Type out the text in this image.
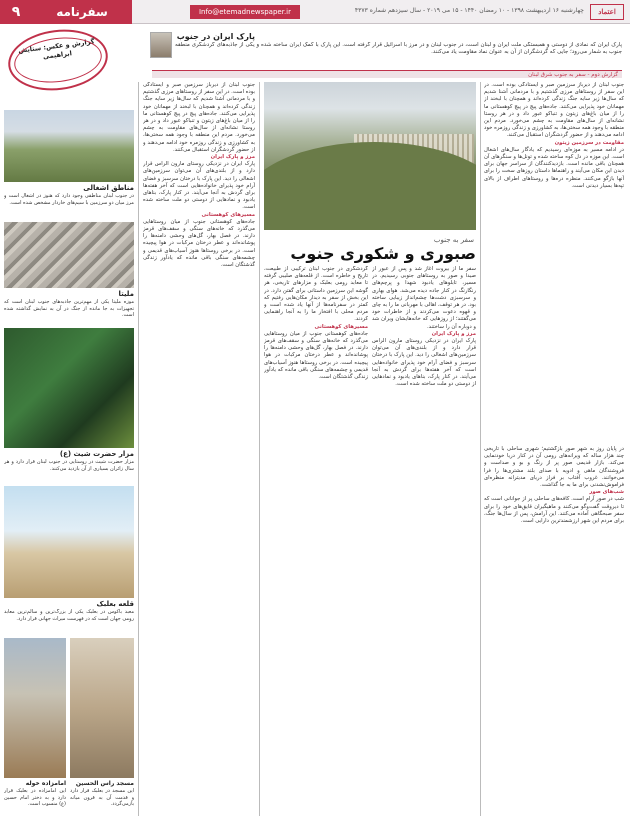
۹	سفرنامه	Info@etemadnewspaper.ir	چهارشنبه ۱۶ اردیبهشت ۱۳۹۸ - ۱۰ رمضان ۱۴۴۰ - ۱۵ می ۲۰۱۹ - سال سیزدهم شماره ۴۳۷۳	اعتماد
گزارش و عکس: ستایش ابراهیمی
پارک ایران در جنوب
پارک ایران که نمادی از دوستی و همبستگی ملت ایران و لبنان است، در جنوب لبنان و در مرز با اسرائیل قرار گرفته است. این پارک با کمک ایران ساخته شده و یکی از جاذبه‌های گردشگری منطقه جنوب به شمار می‌رود؛ جایی که گردشگران از آن به عنوان نماد مقاومت یاد می‌کنند.
گزارش دوم - سفر به جنوب شرق لبنان
سفر به جنوب
صبوری و شکوری جنوب
جنوب لبنان از دیرباز سرزمین صبر و ایستادگی بوده است. در این سفر از روستاهای مرزی گذشتیم و با مردمانی آشنا شدیم که سال‌ها زیر سایه جنگ زندگی کرده‌اند و همچنان با لبخند از مهمانان خود پذیرایی می‌کنند. جاده‌های پیچ در پیچ کوهستانی ما را از میان باغ‌های زیتون و تنباکو عبور داد و در هر روستا نشانه‌ای از سال‌های مقاومت به چشم می‌خورد. مردم این منطقه با وجود همه سختی‌ها، به کشاورزی و زندگی روزمره خود ادامه می‌دهند و از حضور گردشگران استقبال می‌کنند.
مقاومت در سرزمین زیتون
در ادامه مسیر به موزه‌ای رسیدیم که یادگار سال‌های اشغال است. این موزه در دل کوه ساخته شده و تونل‌ها و سنگرهای آن همچنان باقی مانده است. بازدیدکنندگان از سراسر جهان برای دیدن این مکان می‌آیند و راهنماها داستان روزهای سخت را برای آنها بازگو می‌کنند. منظره دره‌ها و روستاهای اطراف از بالای تپه‌ها بسیار دیدنی است.
در پایان روز به شهر صور بازگشتیم؛ شهری ساحلی با تاریخی چند هزار ساله که ویرانه‌های رومی آن در کنار دریا خودنمایی می‌کند. بازار قدیمی صور پر از رنگ و بو و صداست و فروشندگان ماهی و ادویه با صدای بلند مشتری‌ها را فرا می‌خوانند. غروب آفتاب بر فراز دریای مدیترانه منظره‌ای فراموش‌نشدنی برای ما به جا گذاشت.
شب‌های صور
شب در صور آرام است. کافه‌های ساحلی پر از جوانانی است که تا دیروقت گفت‌وگو می‌کنند و ماهیگیران قایق‌های خود را برای سفر صبحگاهی آماده می‌کنند. این آرامش، پس از سال‌ها جنگ، برای مردم این شهر ارزشمندترین دارایی است.
سفر ما از بیروت آغاز شد و پس از عبور از صیدا و صور به روستاهای جنوبی رسیدیم. در مسیر، تابلوهای یادبود شهدا و پرچم‌های رنگارنگ در کنار جاده دیده می‌شد. هوای بهاری و سرسبزی دشت‌ها چشم‌انداز زیبایی ساخته بود. در هر توقف، اهالی با مهربانی ما را به چای و قهوه دعوت می‌کردند و از خاطرات خود می‌گفتند؛ از روزهایی که خانه‌هایشان ویران شد و دوباره آن را ساختند.
مرز و پارک ایران
پارک ایران در نزدیکی روستای مارون الراس قرار دارد و از بلندی‌های آن می‌توان سرزمین‌های اشغالی را دید. این پارک با درختان سرسبز و فضای آرام خود پذیرای خانواده‌هایی است که آخر هفته‌ها برای گردش به آنجا می‌آیند. در کنار پارک، بناهای یادبود و نمادهایی از دوستی دو ملت ساخته شده است.
گردشگری در جنوب لبنان ترکیبی از طبیعت، تاریخ و خاطره است. از قلعه‌های صلیبی گرفته تا معابد رومی بعلبک و مزارهای تاریخی، هر گوشه این سرزمین داستانی برای گفتن دارد. در این بخش از سفر به دیدار مکان‌هایی رفتیم که کمتر در سفرنامه‌ها از آنها یاد شده است و مردم محلی با افتخار ما را به آنجا راهنمایی کردند.
مسیرهای کوهستانی
جاده‌های کوهستانی جنوب از میان روستاهایی می‌گذرد که خانه‌های سنگی و سقف‌های قرمز دارند. در فصل بهار، گل‌های وحشی دامنه‌ها را پوشانده‌اند و عطر درختان مرکبات در هوا پیچیده است. در برخی روستاها هنوز آسیاب‌های قدیمی و چشمه‌های سنگی باقی مانده که یادآور زندگی گذشتگان است.
جنوب لبنان از دیرباز سرزمین صبر و ایستادگی بوده است. در این سفر از روستاهای مرزی گذشتیم و با مردمانی آشنا شدیم که سال‌ها زیر سایه جنگ زندگی کرده‌اند و همچنان با لبخند از مهمانان خود پذیرایی می‌کنند. جاده‌های پیچ در پیچ کوهستانی ما را از میان باغ‌های زیتون و تنباکو عبور داد و در هر روستا نشانه‌ای از سال‌های مقاومت به چشم می‌خورد. مردم این منطقه با وجود همه سختی‌ها، به کشاورزی و زندگی روزمره خود ادامه می‌دهند و از حضور گردشگران استقبال می‌کنند.
مرز و پارک ایران
پارک ایران در نزدیکی روستای مارون الراس قرار دارد و از بلندی‌های آن می‌توان سرزمین‌های اشغالی را دید. این پارک با درختان سرسبز و فضای آرام خود پذیرای خانواده‌هایی است که آخر هفته‌ها برای گردش به آنجا می‌آیند. در کنار پارک، بناهای یادبود و نمادهایی از دوستی دو ملت ساخته شده است.
مسیرهای کوهستانی
جاده‌های کوهستانی جنوب از میان روستاهایی می‌گذرد که خانه‌های سنگی و سقف‌های قرمز دارند. در فصل بهار، گل‌های وحشی دامنه‌ها را پوشانده‌اند و عطر درختان مرکبات در هوا پیچیده است. در برخی روستاها هنوز آسیاب‌های قدیمی و چشمه‌های سنگی باقی مانده که یادآور زندگی گذشتگان است.
مناطق اشغالی
در جنوب لبنان مناطقی وجود دارد که هنوز در اشغال است و مرز میان دو سرزمین با سیم‌های خاردار مشخص شده است.
ملیتا
موزه ملیتا یکی از مهم‌ترین جاذبه‌های جنوب لبنان است که تجهیزات به جا مانده از جنگ در آن به نمایش گذاشته شده است.
مزار حضرت شیث (ع)
مزار حضرت شیث در روستایی در جنوب لبنان قرار دارد و هر سال زائران بسیاری از آن بازدید می‌کنند.
قلعه بعلبک
معبد باکوس در بعلبک یکی از بزرگ‌ترین و سالم‌ترین معابد رومی جهان است که در فهرست میراث جهانی قرار دارد.
امامزاده خوله
این امامزاده در بعلبک قرار دارد و به دختر امام حسین (ع) منسوب است.
مسجد راس الحسین
این مسجد در بعلبک قرار دارد و قدمت آن به قرون میانه بازمی‌گردد.
